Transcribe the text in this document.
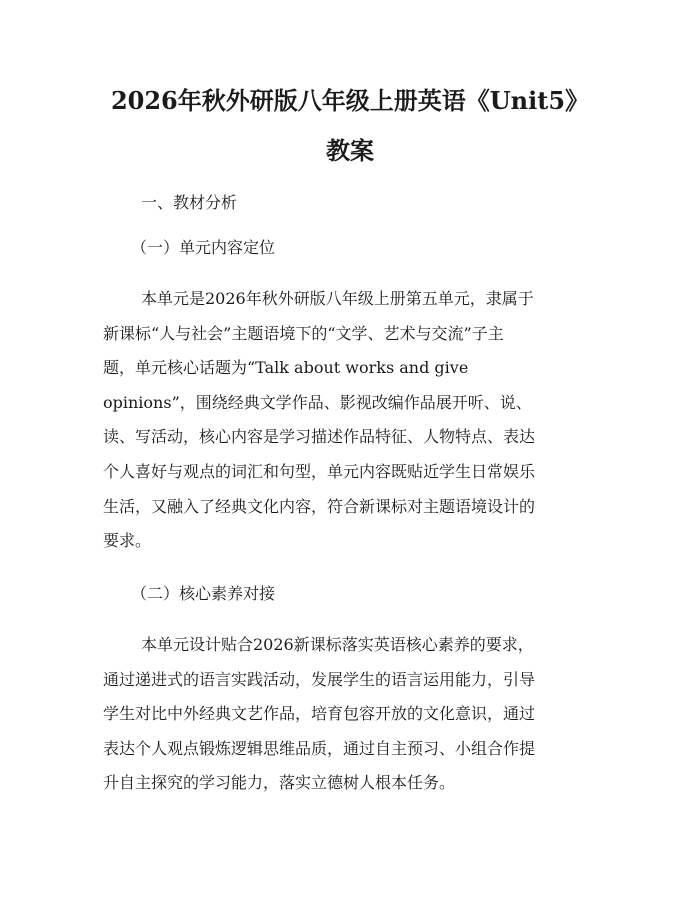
2026年秋外研版八年级上册英语《Unit5》
教案

一、教材分析

（一）单元内容定位

本单元是2026年秋外研版八年级上册第五单元，隶属于
新课标“人与社会”主题语境下的“文学、艺术与交流”子主
题，单元核心话题为“Talk about works and give
opinions”，围绕经典文学作品、影视改编作品展开听、说、
读、写活动，核心内容是学习描述作品特征、人物特点、表达
个人喜好与观点的词汇和句型，单元内容既贴近学生日常娱乐
生活，又融入了经典文化内容，符合新课标对主题语境设计的
要求。

（二）核心素养对接

本单元设计贴合2026新课标落实英语核心素养的要求，
通过递进式的语言实践活动，发展学生的语言运用能力，引导
学生对比中外经典文艺作品，培育包容开放的文化意识，通过
表达个人观点锻炼逻辑思维品质，通过自主预习、小组合作提
升自主探究的学习能力，落实立德树人根本任务。
